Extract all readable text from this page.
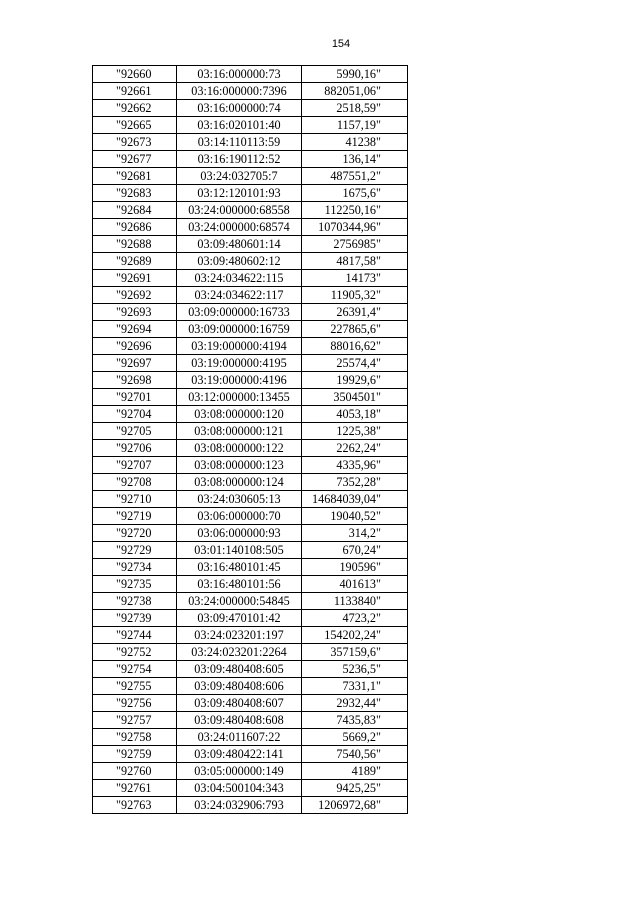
154
"92660	03:16:000000:73	5990,16"
"92661	03:16:000000:7396	882051,06"
"92662	03:16:000000:74	2518,59"
"92665	03:16:020101:40	1157,19"
"92673	03:14:110113:59	41238"
"92677	03:16:190112:52	136,14"
"92681	03:24:032705:7	487551,2"
"92683	03:12:120101:93	1675,6"
"92684	03:24:000000:68558	112250,16"
"92686	03:24:000000:68574	1070344,96"
"92688	03:09:480601:14	2756985"
"92689	03:09:480602:12	4817,58"
"92691	03:24:034622:115	14173"
"92692	03:24:034622:117	11905,32"
"92693	03:09:000000:16733	26391,4"
"92694	03:09:000000:16759	227865,6"
"92696	03:19:000000:4194	88016,62"
"92697	03:19:000000:4195	25574,4"
"92698	03:19:000000:4196	19929,6"
"92701	03:12:000000:13455	3504501"
"92704	03:08:000000:120	4053,18"
"92705	03:08:000000:121	1225,38"
"92706	03:08:000000:122	2262,24"
"92707	03:08:000000:123	4335,96"
"92708	03:08:000000:124	7352,28"
"92710	03:24:030605:13	14684039,04"
"92719	03:06:000000:70	19040,52"
"92720	03:06:000000:93	314,2"
"92729	03:01:140108:505	670,24"
"92734	03:16:480101:45	190596"
"92735	03:16:480101:56	401613"
"92738	03:24:000000:54845	1133840"
"92739	03:09:470101:42	4723,2"
"92744	03:24:023201:197	154202,24"
"92752	03:24:023201:2264	357159,6"
"92754	03:09:480408:605	5236,5"
"92755	03:09:480408:606	7331,1"
"92756	03:09:480408:607	2932,44"
"92757	03:09:480408:608	7435,83"
"92758	03:24:011607:22	5669,2"
"92759	03:09:480422:141	7540,56"
"92760	03:05:000000:149	4189"
"92761	03:04:500104:343	9425,25"
"92763	03:24:032906:793	1206972,68"
